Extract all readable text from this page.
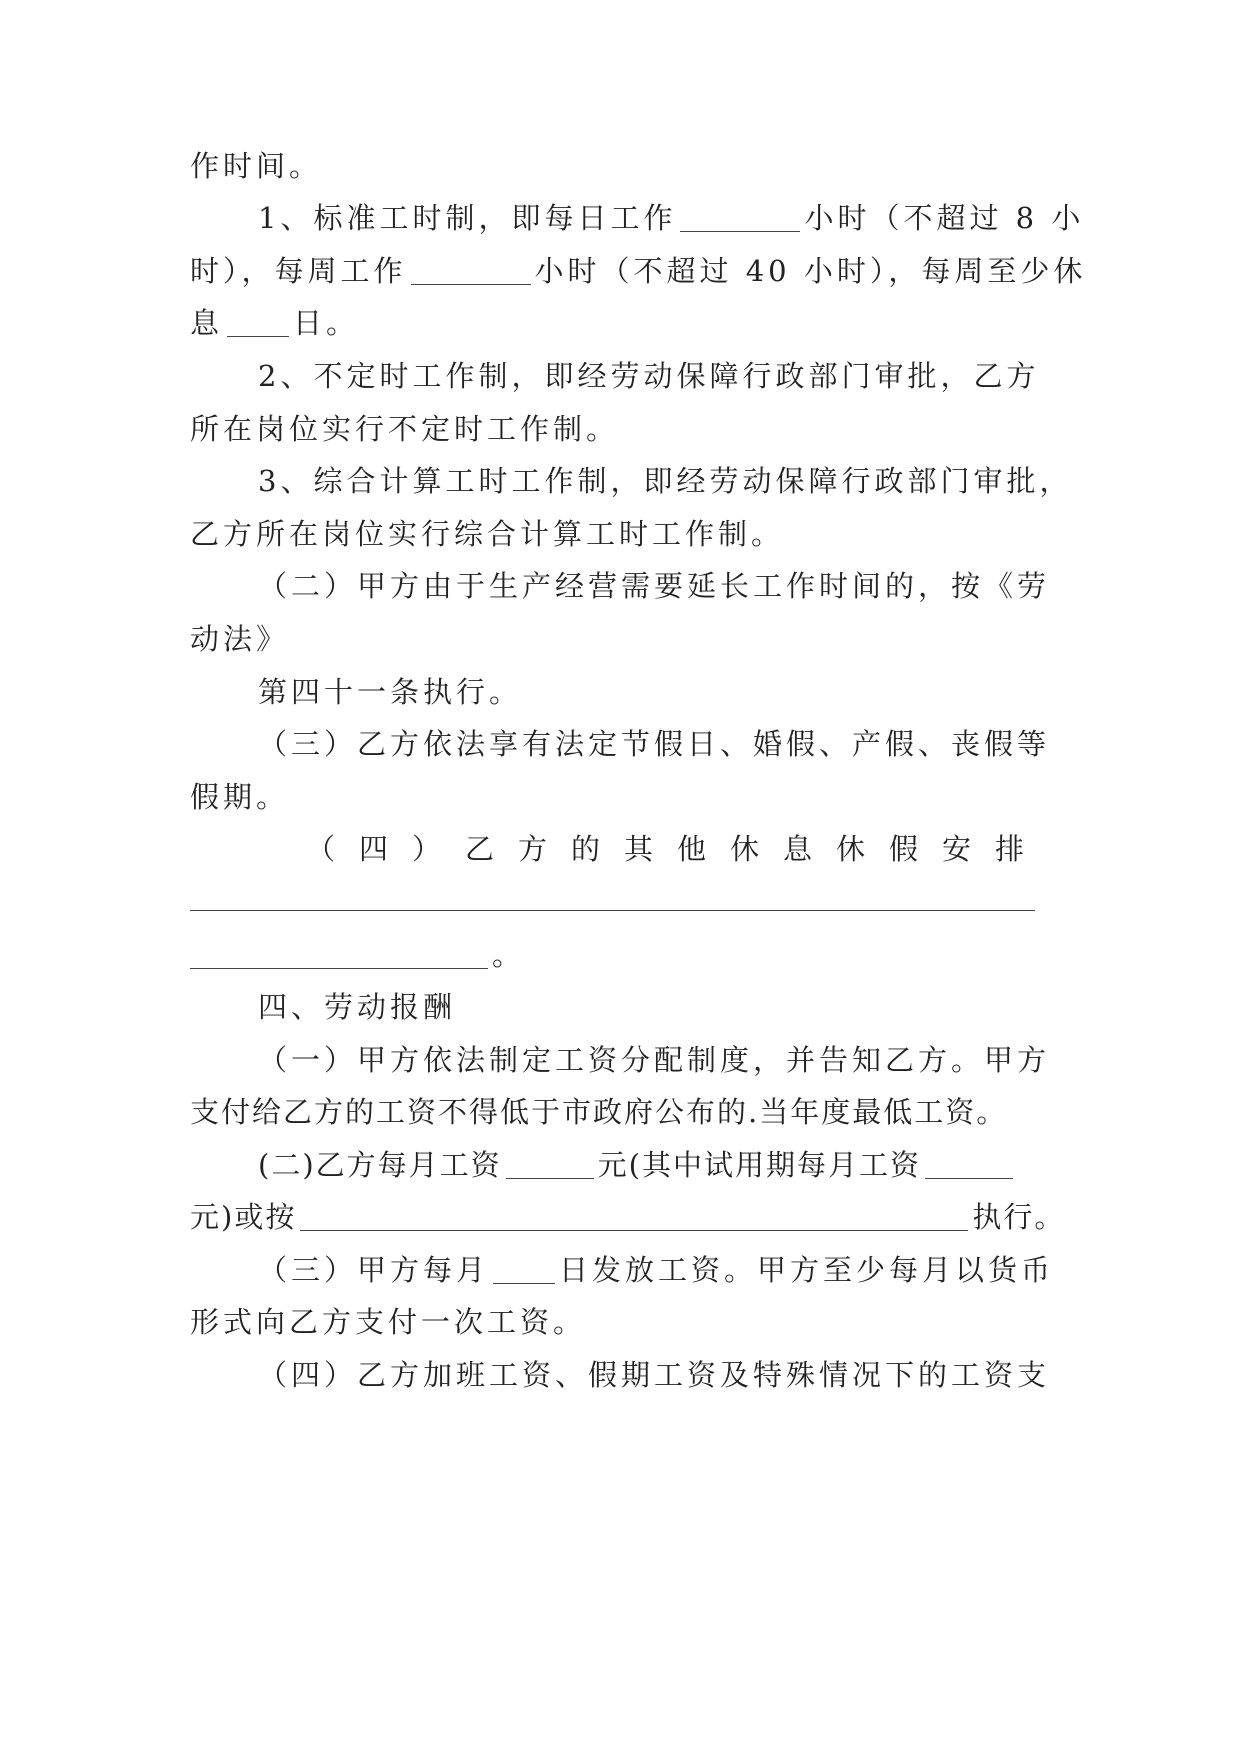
作时间。
1、标准工时制，即每日工作	小时（不超过 8 小
时），每周工作	小时（不超过 40 小时），每周至少休
息 日。
2、不定时工作制，即经劳动保障行政部门审批，乙方
所在岗位实行不定时工作制。
3、综合计算工时工作制，即经劳动保障行政部门审批，
乙方所在岗位实行综合计算工时工作制。
（二）甲方由于生产经营需要延长工作时间的，按《劳
动法》
第四十一条执行。
（三）乙方依法享有法定节假日、婚假、产假、丧假等
假期。
（四）乙方的其他休息休假安排
。
四、劳动报酬
（一）甲方依法制定工资分配制度，并告知乙方。甲方
支付给乙方的工资不得低于市政府公布的.当年度最低工资。
(二)乙方每月工资	元(其中试用期每月工资
元)或按	执行。
（三）甲方每月 日发放工资。甲方至少每月以货币
形式向乙方支付一次工资。
（四）乙方加班工资、假期工资及特殊情况下的工资支
